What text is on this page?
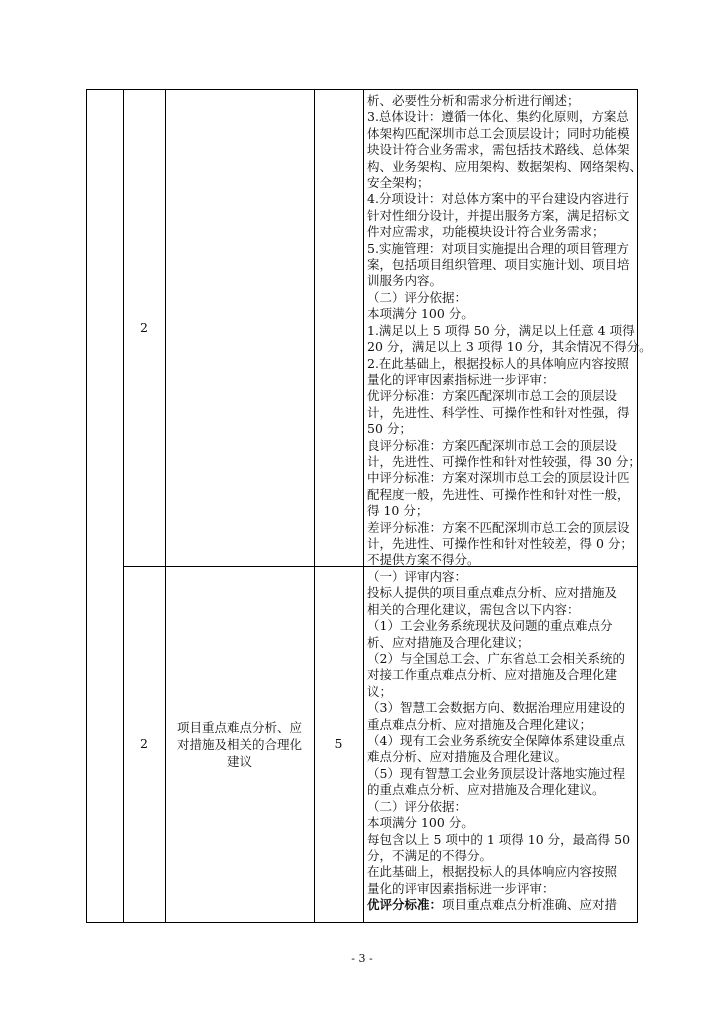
2

析、必要性分析和需求分析进行阐述；

3.总体设计：遵循一体化、集约化原则，方案总

体架构匹配深圳市总工会顶层设计；同时功能模

块设计符合业务需求，需包括技术路线、总体架

构、业务架构、应用架构、数据架构、网络架构、

安全架构；

4.分项设计：对总体方案中的平台建设内容进行

针对性细分设计，并提出服务方案，满足招标文

件对应需求，功能模块设计符合业务需求；

5.实施管理：对项目实施提出合理的项目管理方

案，包括项目组织管理、项目实施计划、项目培

训服务内容。

（二）评分依据：

本项满分 100 分。

1.满足以上 5 项得 50 分，满足以上任意 4 项得

20 分，满足以上 3 项得 10 分，其余情况不得分。

2.在此基础上，根据投标人的具体响应内容按照

量化的评审因素指标进一步评审：

优评分标准：方案匹配深圳市总工会的顶层设

计，先进性、科学性、可操作性和针对性强，得

50 分；

良评分标准：方案匹配深圳市总工会的顶层设

计，先进性、可操作性和针对性较强，得 30 分；

中评分标准：方案对深圳市总工会的顶层设计匹

配程度一般，先进性、可操作性和针对性一般，

得 10 分；

差评分标准：方案不匹配深圳市总工会的顶层设

计，先进性、可操作性和针对性较差，得 0 分；

不提供方案不得分。

2
项目重点难点分析、应
对措施及相关的合理化
建议
5

（一）评审内容：

投标人提供的项目重点难点分析、应对措施及

相关的合理化建议，需包含以下内容：

（1）工会业务系统现状及问题的重点难点分

析、应对措施及合理化建议；

（2）与全国总工会、广东省总工会相关系统的

对接工作重点难点分析、应对措施及合理化建

议；

（3）智慧工会数据方向、数据治理应用建设的

重点难点分析、应对措施及合理化建议；

（4）现有工会业务系统安全保障体系建设重点

难点分析、应对措施及合理化建议。

（5）现有智慧工会业务顶层设计落地实施过程

的重点难点分析、应对措施及合理化建议。

（二）评分依据：

本项满分 100 分。

每包含以上 5 项中的 1 项得 10 分，最高得 50

分，不满足的不得分。

在此基础上，根据投标人的具体响应内容按照

量化的评审因素指标进一步评审：

优评分标准：项目重点难点分析准确、应对措

- 3 -
